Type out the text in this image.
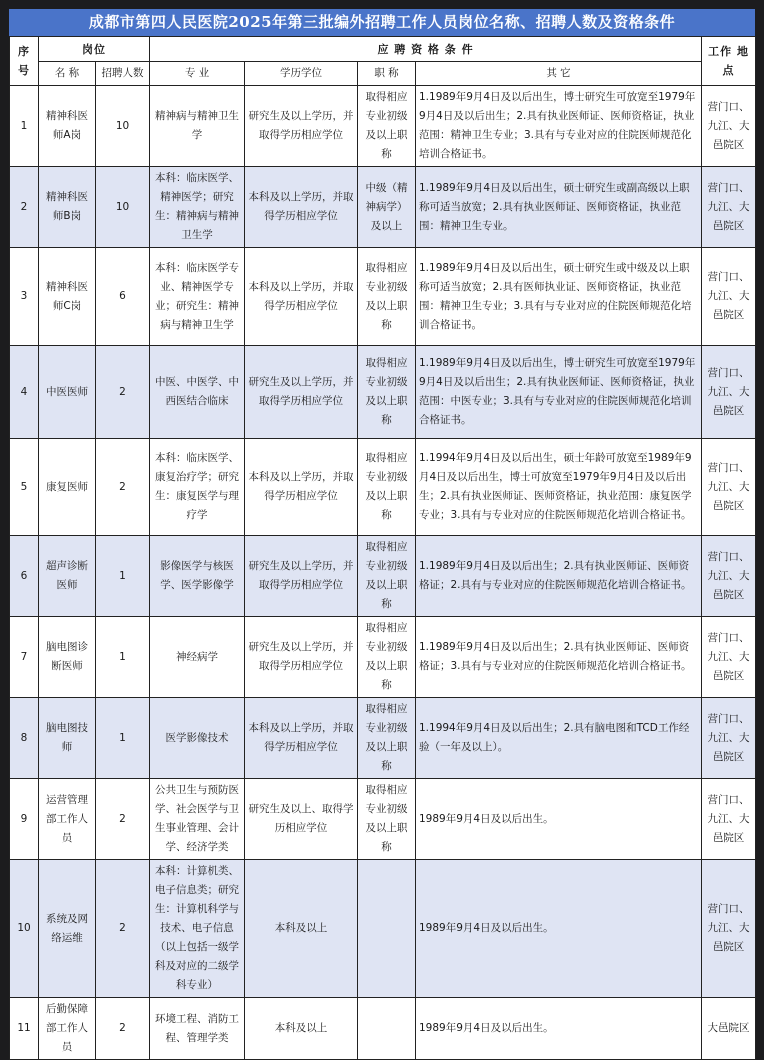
成都市第四人民医院2025年第三批编外招聘工作人员岗位名称、招聘人数及资格条件
序号	岗位		应 聘 资 格 条 件				工作 地点
	名 称	招聘人数	专 业	学历学位	职 称	其 它	
1	精神科医师A岗	10	精神病与精神卫生学	研究生及以上学历，并取得学历相应学位	取得相应专业初级及以上职称	1.1989年9月4日及以后出生，博士研究生可放宽至1979年9月4日及以后出生；2.具有执业医师证、医师资格证，执业范围：精神卫生专业；3.具有与专业对应的住院医师规范化培训合格证书。	营门口、九江、大邑院区
2	精神科医师B岗	10	本科：临床医学、精神医学；研究生：精神病与精神卫生学	本科及以上学历，并取得学历相应学位	中级（精神病学）及以上	1.1989年9月4日及以后出生，硕士研究生或副高级以上职称可适当放宽；2.具有执业医师证、医师资格证，执业范围：精神卫生专业。	营门口、九江、大邑院区
3	精神科医师C岗	6	本科：临床医学专业、精神医学专业；研究生：精神病与精神卫生学	本科及以上学历，并取得学历相应学位	取得相应专业初级及以上职称	1.1989年9月4日及以后出生，硕士研究生或中级及以上职称可适当放宽；2.具有医师执业证、医师资格证，执业范围：精神卫生专业；3.具有与专业对应的住院医师规范化培训合格证书。	营门口、九江、大邑院区
4	中医医师	2	中医、中医学、中西医结合临床	研究生及以上学历，并取得学历相应学位	取得相应专业初级及以上职称	1.1989年9月4日及以后出生，博士研究生可放宽至1979年9月4日及以后出生；2.具有执业医师证、医师资格证，执业范围：中医专业；3.具有与专业对应的住院医师规范化培训合格证书。	营门口、九江、大邑院区
5	康复医师	2	本科：临床医学、康复治疗学；研究生：康复医学与理疗学	本科及以上学历，并取得学历相应学位	取得相应专业初级及以上职称	1.1994年9月4日及以后出生，硕士年龄可放宽至1989年9月4日及以后出生，博士可放宽至1979年9月4日及以后出生；2.具有执业医师证、医师资格证，执业范围：康复医学专业；3.具有与专业对应的住院医师规范化培训合格证书。	营门口、九江、大邑院区
6	超声诊断医师	1	影像医学与核医学、医学影像学	研究生及以上学历，并取得学历相应学位	取得相应专业初级及以上职称	1.1989年9月4日及以后出生；2.具有执业医师证、医师资格证；2.具有与专业对应的住院医师规范化培训合格证书。	营门口、九江、大邑院区
7	脑电图诊断医师	1	神经病学	研究生及以上学历，并取得学历相应学位	取得相应专业初级及以上职称	1.1989年9月4日及以后出生；2.具有执业医师证、医师资格证；3.具有与专业对应的住院医师规范化培训合格证书。	营门口、九江、大邑院区
8	脑电图技师	1	医学影像技术	本科及以上学历，并取得学历相应学位	取得相应专业初级及以上职称	1.1994年9月4日及以后出生；2.具有脑电图和TCD工作经验（一年及以上）。	营门口、九江、大邑院区
9	运营管理部工作人员	2	公共卫生与预防医学、社会医学与卫生事业管理、会计学、经济学类	研究生及以上、取得学历相应学位	取得相应专业初级及以上职称	1989年9月4日及以后出生。	营门口、九江、大邑院区
10	系统及网络运维	2	本科：计算机类、电子信息类；研究生：计算机科学与技术、电子信息（以上包括一级学科及对应的二级学科专业）	本科及以上		1989年9月4日及以后出生。	营门口、九江、大邑院区
11	后勤保障部工作人员	2	环境工程、消防工程、管理学类	本科及以上		1989年9月4日及以后出生。	大邑院区
